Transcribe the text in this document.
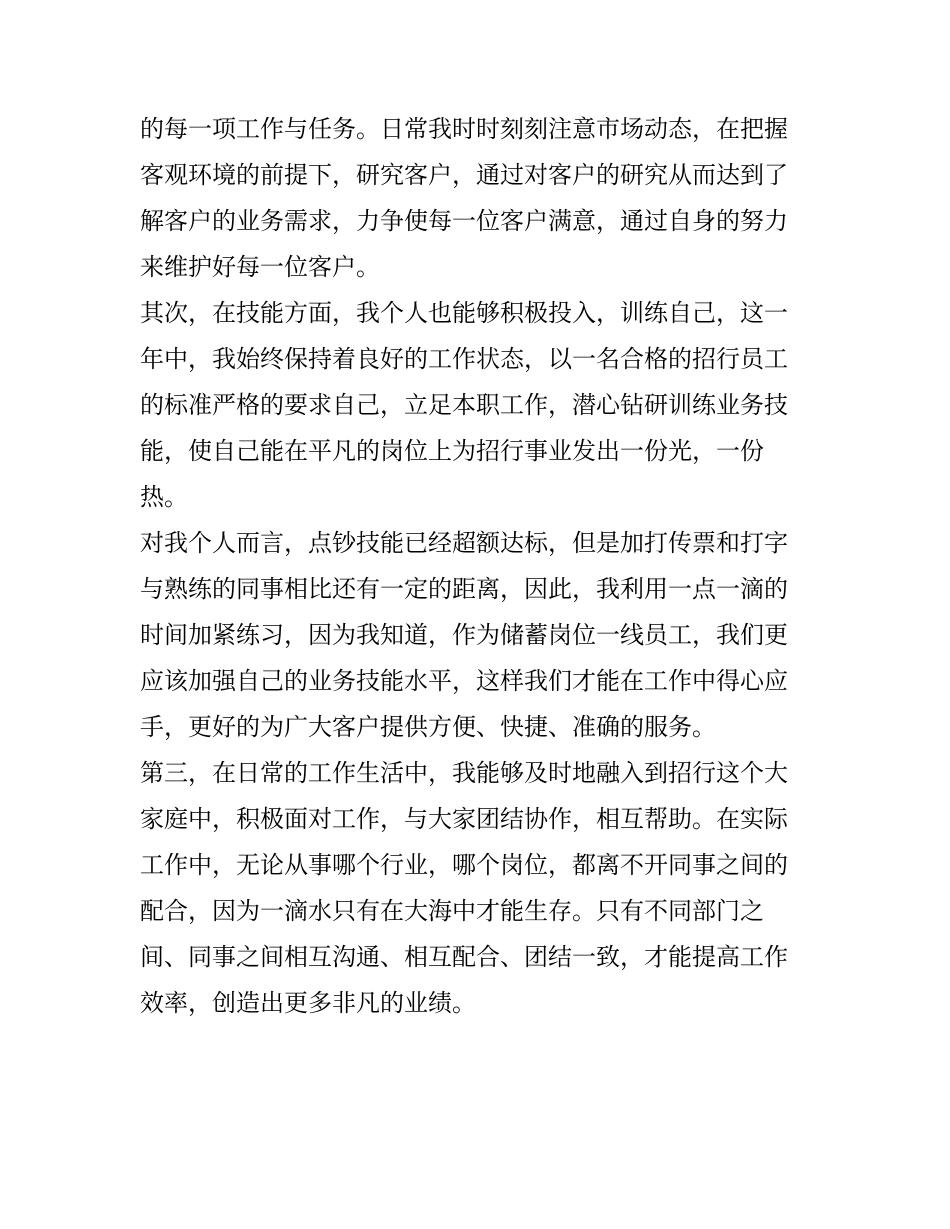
的每一项工作与任务。日常我时时刻刻注意市场动态，在把握
客观环境的前提下，研究客户，通过对客户的研究从而达到了
解客户的业务需求，力争使每一位客户满意，通过自身的努力
来维护好每一位客户。
其次，在技能方面，我个人也能够积极投入，训练自己，这一
年中，我始终保持着良好的工作状态，以一名合格的招行员工
的标准严格的要求自己，立足本职工作，潜心钻研训练业务技
能，使自己能在平凡的岗位上为招行事业发出一份光，一份
热。
对我个人而言，点钞技能已经超额达标，但是加打传票和打字
与熟练的同事相比还有一定的距离，因此，我利用一点一滴的
时间加紧练习，因为我知道，作为储蓄岗位一线员工，我们更
应该加强自己的业务技能水平，这样我们才能在工作中得心应
手，更好的为广大客户提供方便、快捷、准确的服务。
第三，在日常的工作生活中，我能够及时地融入到招行这个大
家庭中，积极面对工作，与大家团结协作，相互帮助。在实际
工作中，无论从事哪个行业，哪个岗位，都离不开同事之间的
配合，因为一滴水只有在大海中才能生存。只有不同部门之
间、同事之间相互沟通、相互配合、团结一致，才能提高工作
效率，创造出更多非凡的业绩。
